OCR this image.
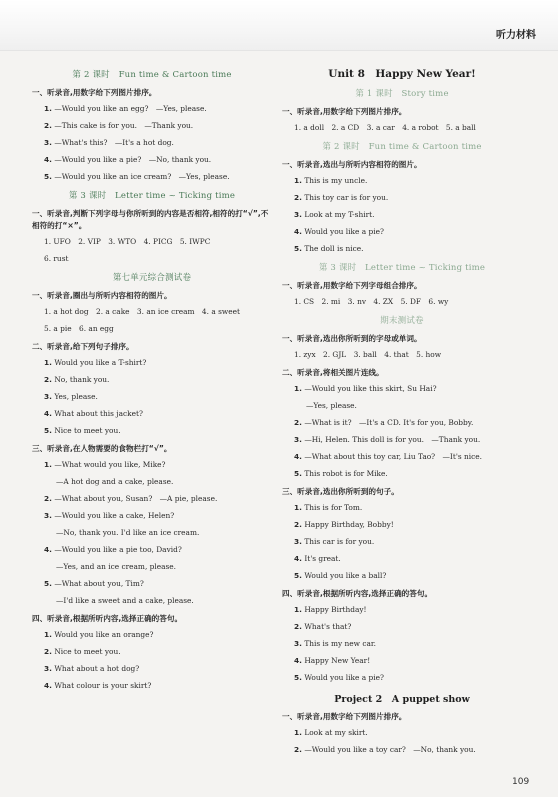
听力材料
第 2 课时　Fun time & Cartoon time
一、听录音,用数字给下列图片排序。
1. —Would you like an egg?　—Yes, please.
2. —This cake is for you.　—Thank you.
3. —What's this?　—It's a hot dog.
4. —Would you like a pie?　—No, thank you.
5. —Would you like an ice cream?　—Yes, please.
第 3 课时　Letter time ~ Ticking time
一、听录音,判断下列字母与你所听到的内容是否相符,相符的打“√”,不相符的打“×”。
1. UFO　2. VIP　3. WTO　4. PICG　5. IWPC
6. rust
第七单元综合测试卷
一、听录音,圈出与所听内容相符的图片。
1. a hot dog　2. a cake　3. an ice cream　4. a sweet
5. a pie　6. an egg
二、听录音,给下列句子排序。
1. Would you like a T-shirt?
2. No, thank you.
3. Yes, please.
4. What about this jacket?
5. Nice to meet you.
三、听录音,在人物需要的食物栏打“√”。
1. —What would you like, Mike?
—A hot dog and a cake, please.
2. —What about you, Susan?　—A pie, please.
3. —Would you like a cake, Helen?
—No, thank you. I'd like an ice cream.
4. —Would you like a pie too, David?
—Yes, and an ice cream, please.
5. —What about you, Tim?
—I'd like a sweet and a cake, please.
四、听录音,根据所听内容,选择正确的答句。
1. Would you like an orange?
2. Nice to meet you.
3. What about a hot dog?
4. What colour is your skirt?
Unit 8　Happy New Year!
第 1 课时　Story time
一、听录音,用数字给下列图片排序。
1. a doll　2. a CD　3. a car　4. a robot　5. a ball
第 2 课时　Fun time & Cartoon time
一、听录音,选出与所听内容相符的图片。
1. This is my uncle.
2. This toy car is for you.
3. Look at my T-shirt.
4. Would you like a pie?
5. The doll is nice.
第 3 课时　Letter time ~ Ticking time
一、听录音,用数字给下列字母组合排序。
1. CS　2. mi　3. nv　4. ZX　5. DF　6. wy
期末测试卷
一、听录音,选出你所听到的字母或单词。
1. zyx　2. GJL　3. ball　4. that　5. how
二、听录音,将相关图片连线。
1. —Would you like this skirt, Su Hai?
—Yes, please.
2. —What is it?　—It's a CD. It's for you, Bobby.
3. —Hi, Helen. This doll is for you.　—Thank you.
4. —What about this toy car, Liu Tao?　—It's nice.
5. This robot is for Mike.
三、听录音,选出你所听到的句子。
1. This is for Tom.
2. Happy Birthday, Bobby!
3. This car is for you.
4. It's great.
5. Would you like a ball?
四、听录音,根据所听内容,选择正确的答句。
1. Happy Birthday!
2. What's that?
3. This is my new car.
4. Happy New Year!
5. Would you like a pie?
Project 2　A puppet show
一、听录音,用数字给下列图片排序。
1. Look at my skirt.
2. —Would you like a toy car?　—No, thank you.
109
